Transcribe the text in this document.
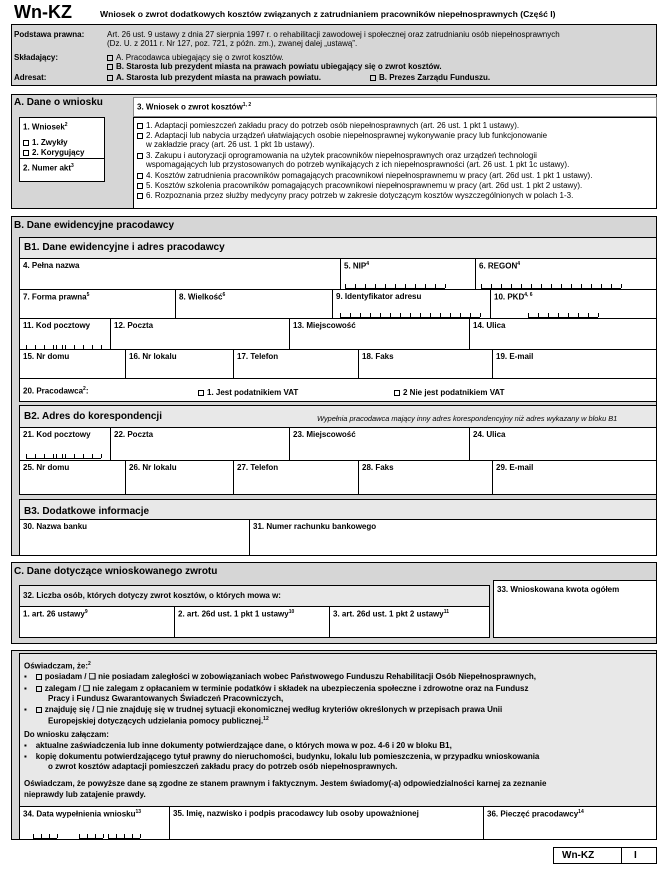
Wn-KZ	Wniosek o zwrot dodatkowych kosztów związanych z zatrudnianiem pracowników niepełnosprawnych (Część I)
Podstawa prawna:	Art. 26 ust. 9 ustawy z dnia 27 sierpnia 1997 r. o rehabilitacji zawodowej i społecznej oraz zatrudnianiu osób niepełnosprawnych
(Dz. U. z 2011 r. Nr 127, poz. 721, z późn. zm.), zwanej dalej „ustawą”.
Składający:	A. Pracodawca ubiegający się o zwrot kosztów.
B. Starosta lub prezydent miasta na prawach powiatu ubiegający się o zwrot kosztów.
Adresat:	A. Starosta lub prezydent miasta na prawach powiatu.	B. Prezes Zarządu Funduszu.
A. Dane o wniosku
1. Wniosek$^2$
1. Zwykły
2. Korygujący
2. Numer akt$^3$
3. Wniosek o zwrot kosztów$^{1, 2}$
1. Adaptacji pomieszczeń zakładu pracy do potrzeb osób niepełnosprawnych (art. 26 ust. 1 pkt 1 ustawy).
2. Adaptacji lub nabycia urządzeń ułatwiających osobie niepełnosprawnej wykonywanie pracy lub funkcjonowanie
w zakładzie pracy (art. 26 ust. 1 pkt 1b ustawy).
3. Zakupu i autoryzacji oprogramowania na użytek pracowników niepełnosprawnych oraz urządzeń technologii
wspomagających lub przystosowanych do potrzeb wynikających z ich niepełnosprawności (art. 26 ust. 1 pkt 1c ustawy).
4. Kosztów zatrudnienia pracowników pomagających pracownikowi niepełnosprawnemu w pracy (art. 26d ust. 1 pkt 1 ustawy).
5. Kosztów szkolenia pracowników pomagających pracownikowi niepełnosprawnemu w pracy (art. 26d ust. 1 pkt 2 ustawy).
6. Rozpoznania przez służby medycyny pracy potrzeb w zakresie dotyczącym kosztów wyszczególnionych w polach 1-3.
B. Dane ewidencyjne pracodawcy
B1. Dane ewidencyjne i adres pracodawcy
4. Pełna nazwa	5. NIP$^4$	6. REGON$^4$
7. Forma prawna$^5$	8. Wielkość$^6$	9. Identyfikator adresu	10. PKD$^{4, 6}$
11. Kod pocztowy	12. Poczta	13. Miejscowość	14. Ulica
15. Nr domu	16. Nr lokalu	17. Telefon	18. Faks	19. E-mail
20. Pracodawca$^2$:	1. Jest podatnikiem VAT	2 Nie jest podatnikiem VAT
B2. Adres do korespondencji	Wypełnia pracodawca mający inny adres korespondencyjny niż adres wykazany w bloku B1
21. Kod pocztowy	22. Poczta	23. Miejscowość	24. Ulica
25. Nr domu	26. Nr lokalu	27. Telefon	28. Faks	29. E-mail
B3. Dodatkowe informacje
30. Nazwa banku	31. Numer rachunku bankowego
C. Dane dotyczące wnioskowanego zwrotu
32. Liczba osób, których dotyczy zwrot kosztów, o których mowa w:
1. art. 26 ustawy$^9$	2. art. 26d ust. 1 pkt 1 ustawy$^{10}$	3. art. 26d ust. 1 pkt 2 ustawy$^{11}$
33. Wnioskowana kwota ogółem
Oświadczam, że:$^2$
▪    posiadam / ❏ nie posiadam zaległości w zobowiązaniach wobec Państwowego Funduszu Rehabilitacji Osób Niepełnosprawnych,
▪    zalegam / ❏ nie zalegam z opłacaniem w terminie podatków i składek na ubezpieczenia społeczne i zdrowotne oraz na Fundusz
Pracy i Fundusz Gwarantowanych Świadczeń Pracowniczych,
▪    znajduję się / ❏ nie znajduję się w trudnej sytuacji ekonomicznej według kryteriów określonych w przepisach prawa Unii
Europejskiej dotyczących udzielania pomocy publicznej.$^{12}$
Do wniosku załączam:
▪    aktualne zaświadczenia lub inne dokumenty potwierdzające dane, o których mowa w poz. 4-6 i 20 w bloku B1,
▪    kopię dokumentu potwierdzającego tytuł prawny do nieruchomości, budynku, lokalu lub pomieszczenia, w przypadku wnioskowania
o zwrot kosztów adaptacji pomieszczeń zakładu pracy do potrzeb osób niepełnosprawnych.
Oświadczam, że powyższe dane są zgodne ze stanem prawnym i faktycznym. Jestem świadomy(-a) odpowiedzialności karnej za zeznanie
nieprawdy lub zatajenie prawdy.
34. Data wypełnienia wniosku$^{13}$	35. Imię, nazwisko i podpis pracodawcy lub osoby upoważnionej	36. Pieczęć pracodawcy$^{14}$
Wn-KZ	I
